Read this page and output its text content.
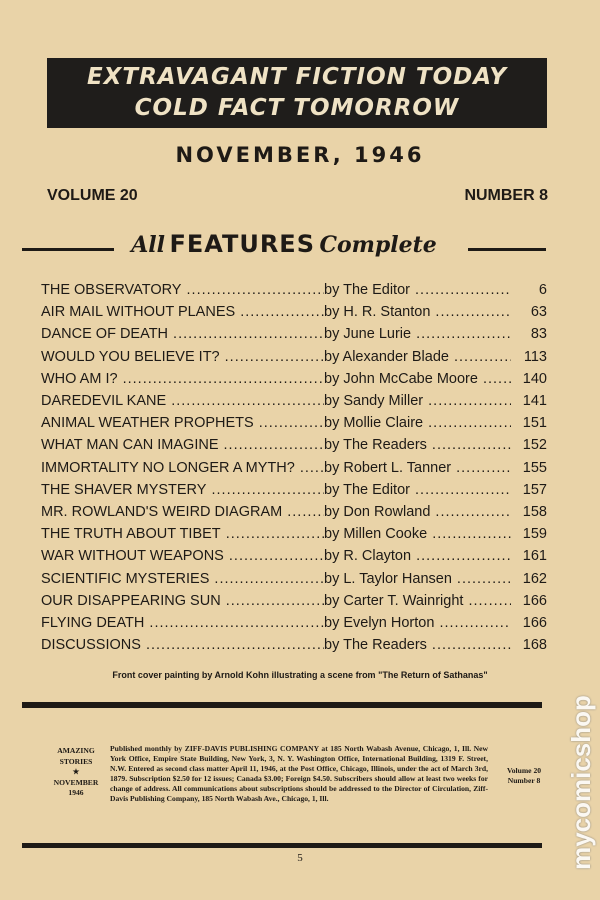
EXTRAVAGANT FICTION TODAY
COLD FACT TOMORROW
NOVEMBER, 1946
VOLUME 20	NUMBER 8
All FEATURES Complete
THE OBSERVATORY .....	by The Editor .....	6
AIR MAIL WITHOUT PLANES .....	by H. R. Stanton .....	63
DANCE OF DEATH .....	by June Lurie .....	83
WOULD YOU BELIEVE IT? .....	by Alexander Blade .....	113
WHO AM I? .....	by John McCabe Moore .....	140
DAREDEVIL KANE .....	by Sandy Miller .....	141
ANIMAL WEATHER PROPHETS .....	by Mollie Claire .....	151
WHAT MAN CAN IMAGINE .....	by The Readers .....	152
IMMORTALITY NO LONGER A MYTH? .....	by Robert L. Tanner .....	155
THE SHAVER MYSTERY .....	by The Editor .....	157
MR. ROWLAND'S WEIRD DIAGRAM .....	by Don Rowland .....	158
THE TRUTH ABOUT TIBET .....	by Millen Cooke .....	159
WAR WITHOUT WEAPONS .....	by R. Clayton .....	161
SCIENTIFIC MYSTERIES .....	by L. Taylor Hansen .....	162
OUR DISAPPEARING SUN .....	by Carter T. Wainright .....	166
FLYING DEATH .....	by Evelyn Horton .....	166
DISCUSSIONS .....	by The Readers .....	168
Front cover painting by Arnold Kohn illustrating a scene from "The Return of Sathanas"
AMAZING
STORIES
★
NOVEMBER
1946
Published monthly by ZIFF-DAVIS PUBLISHING COMPANY at 185 North Wabash Avenue, Chicago, 1, Ill. New York Office, Empire State Building, New York, 3, N. Y. Washington Office, International Building, 1319 F. Street, N.W. Entered as second class matter April 11, 1946, at the Post Office, Chicago, Illinois, under the act of March 3rd, 1879. Subscription $2.50 for 12 issues; Canada $3.00; Foreign $4.50. Subscribers should allow at least two weeks for change of address. All communications about subscriptions should be addressed to the Director of Circulation, Ziff-Davis Publishing Company, 185 North Wabash Ave., Chicago, 1, Ill.
Volume 20
Number 8
5	mycomicshop
